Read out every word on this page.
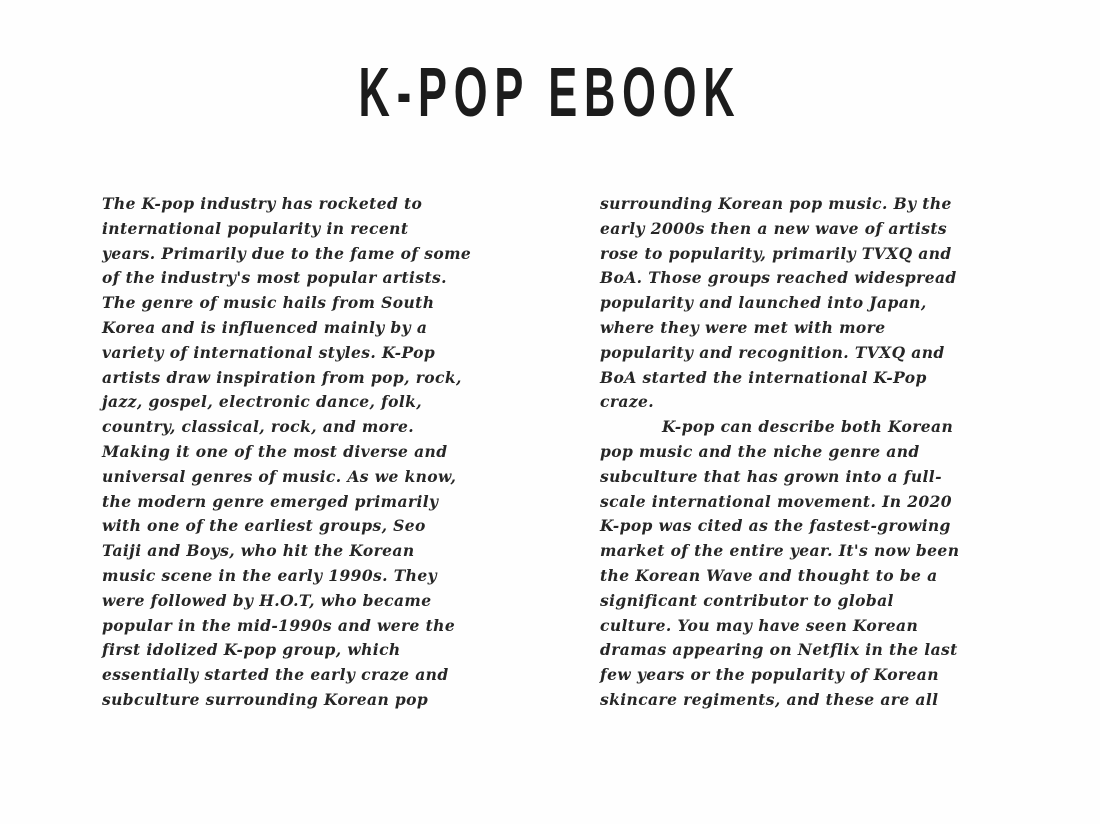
K-POP EBOOK
The K-pop industry has rocketed to
international popularity in recent
years. Primarily due to the fame of some
of the industry's most popular artists.
The genre of music hails from South
Korea and is influenced mainly by a
variety of international styles. K-Pop
artists draw inspiration from pop, rock,
jazz, gospel, electronic dance, folk,
country, classical, rock, and more.
Making it one of the most diverse and
universal genres of music. As we know,
the modern genre emerged primarily
with one of the earliest groups, Seo
Taiji and Boys, who hit the Korean
music scene in the early 1990s. They
were followed by H.O.T, who became
popular in the mid-1990s and were the
first idolized K-pop group, which
essentially started the early craze and
subculture surrounding Korean pop
surrounding Korean pop music. By the
early 2000s then a new wave of artists
rose to popularity, primarily TVXQ and
BoA. Those groups reached widespread
popularity and launched into Japan,
where they were met with more
popularity and recognition. TVXQ and
BoA started the international K-Pop
craze.
K-pop can describe both Korean
pop music and the niche genre and
subculture that has grown into a full-
scale international movement. In 2020
K-pop was cited as the fastest-growing
market of the entire year. It's now been
the Korean Wave and thought to be a
significant contributor to global
culture. You may have seen Korean
dramas appearing on Netflix in the last
few years or the popularity of Korean
skincare regiments, and these are all
